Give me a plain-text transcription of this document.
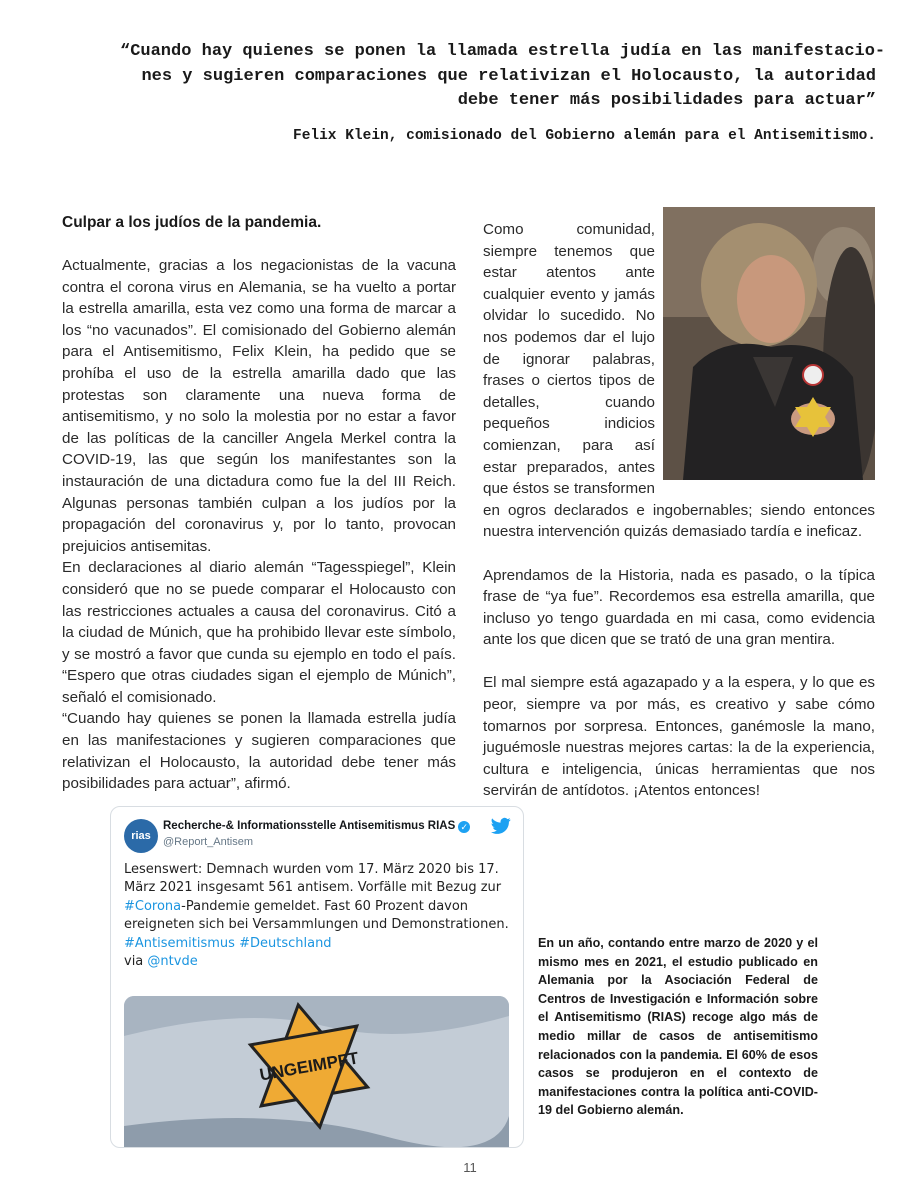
“Cuando hay quienes se ponen la llamada estrella judía en las manifestacio-
nes y sugieren comparaciones que relativizan el Holocausto, la autoridad
debe tener más posibilidades para actuar”

Felix Klein, comisionado del Gobierno alemán para el Antisemitismo.
Culpar a los judíos de la pandemia.

Actualmente, gracias a los negacionistas de la vacuna contra el corona virus en Alemania, se ha vuelto a portar la estrella amarilla, esta vez como una forma de marcar a los “no vacunados”. El comisionado del Gobierno alemán para el Antisemitismo, Felix Klein, ha pedido que se prohíba el uso de la estrella amarilla dado que las protestas son claramente una nueva forma de antisemitismo, y no solo la molestia por no estar a favor de las políticas de la canciller Angela Merkel contra la COVID-19, las que según los manifestantes son la instauración de una dictadura como fue la del III Reich. Algunas personas también culpan a los judíos por la propagación del coronavirus y, por lo tanto, provocan prejuicios antisemitas.

En declaraciones al diario alemán “Tagesspiegel”, Klein consideró que no se puede comparar el Holocausto con las restricciones actuales a causa del coronavirus. Citó a la ciudad de Múnich, que ha prohibido llevar este símbolo, y se mostró a favor que cunda su ejemplo en todo el país. “Espero que otras ciudades sigan el ejemplo de Múnich”, señaló el comisionado.

“Cuando hay quienes se ponen la llamada estrella judía en las manifestaciones y sugieren comparaciones que relativizan el Holocausto, la autoridad debe tener más posibilidades para actuar”, afirmó.

Como comunidad, siempre tenemos que estar atentos ante cualquier evento y jamás olvidar lo sucedido. No nos podemos dar el lujo de ignorar palabras, frases o ciertos tipos de detalles, cuando pequeños indicios comienzan, para así estar preparados, antes que éstos se transformen en ogros declarados e ingobernables; siendo entonces nuestra intervención quizás demasiado tardía e ineficaz.

Aprendamos de la Historia, nada es pasado, o la típica frase de “ya fue”. Recordemos esa estrella amarilla, que incluso yo tengo guardada en mi casa, como evidencia ante los que dicen que se trató de una gran mentira.

El mal siempre está agazapado y a la espera, y lo que es peor, siempre va por más, es creativo y sabe cómo tomarnos por sorpresa. Entonces, ganémosle la mano, juguémosle nuestras mejores cartas: la de la experiencia, cultura e inteligencia, únicas herramientas que nos servirán de antídotos. ¡Atentos entonces!

rias
Recherche-& Informationsstelle Antisemitismus RIAS ✓
@Report_Antisem
Lesenswert: Demnach wurden vom 17. März 2020 bis 17. März 2021 insgesamt 561 antisem. Vorfälle mit Bezug zur #Corona-Pandemie gemeldet. Fast 60 Prozent davon ereigneten sich bei Versammlungen und Demonstrationen.
#Antisemitismus #Deutschland
via @ntvde
UNGEIMPFT

En un año, contando entre marzo de 2020 y el mismo mes en 2021, el estudio publicado en Alemania por la Asociación Federal de Centros de Investigación e Información sobre el Antisemitismo (RIAS) recoge algo más de medio millar de casos de antisemitismo relacionados con la pandemia. El 60% de esos casos se produjeron en el contexto de manifestaciones contra la política anti-COVID-19 del Gobierno alemán.

11
